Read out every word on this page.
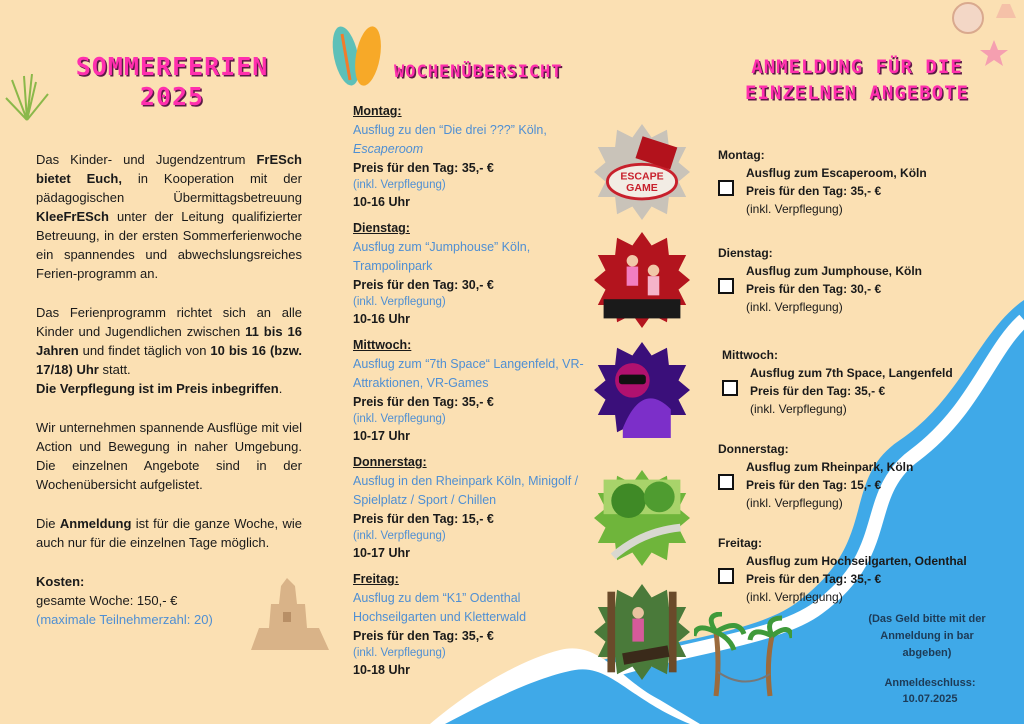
SOMMERFERIEN
2025

Das Kinder- und Jugendzentrum FrESch bietet Euch, in Kooperation mit der pädagogischen Übermittagsbetreuung KleeFrESch unter der Leitung qualifizierter Betreuung, in der ersten Sommerferienwoche ein spannendes und abwechslungsreiches Ferien-programm an.

Das Ferienprogramm richtet sich an alle Kinder und Jugendlichen zwischen 11 bis 16 Jahren und findet täglich von 10 bis 16 (bzw. 17/18) Uhr statt.
Die Verpflegung ist im Preis inbegriffen.

Wir unternehmen spannende Ausflüge mit viel Action und Bewegung in naher Umgebung. Die einzelnen Angebote sind in der Wochenübersicht aufgelistet.

Die Anmeldung ist für die ganze Woche, wie auch nur für die einzelnen Tage möglich.

Kosten:
gesamte Woche: 150,- €
(maximale Teilnehmerzahl: 20)
WOCHENÜBERSICHT
Montag:
Ausflug zu den “Die drei ???” Köln,
Escaperoom
Preis für den Tag: 35,- €
(inkl. Verpflegung)
10-16 Uhr
Dienstag:
Ausflug zum “Jumphouse” Köln, Trampolinpark
Preis für den Tag: 30,- €
(inkl. Verpflegung)
10-16 Uhr
Mittwoch:
Ausflug zum “7th Space“ Langenfeld, VR-Attraktionen, VR-Games
Preis für den Tag: 35,- €
(inkl. Verpflegung)
10-17 Uhr
Donnerstag:
Ausflug in den Rheinpark Köln, Minigolf / Spielplatz / Sport / Chillen
Preis für den Tag: 15,- €
(inkl. Verpflegung)
10-17 Uhr
Freitag:
Ausflug zu dem “K1” Odenthal Hochseilgarten und Kletterwald
Preis für den Tag: 35,- €
(inkl. Verpflegung)
10-18 Uhr
ESCAPE
GAME
ANMELDUNG FÜR DIE
EINZELNEN ANGEBOTE
Montag:
Ausflug zum Escaperoom, Köln
Preis für den Tag: 35,- €
(inkl. Verpflegung)
Dienstag:
Ausflug zum Jumphouse, Köln
Preis für den Tag: 30,- €
(inkl. Verpflegung)
Mittwoch:
Ausflug zum 7th Space, Langenfeld
Preis für den Tag: 35,- €
(inkl. Verpflegung)
Donnerstag:
Ausflug zum Rheinpark, Köln
Preis für den Tag: 15,- €
(inkl. Verpflegung)
Freitag:
Ausflug zum Hochseilgarten, Odenthal
Preis für den Tag: 35,- €
(inkl. Verpflegung)
(Das Geld bitte mit der Anmeldung in bar abgeben)
Anmeldeschluss:
10.07.2025
